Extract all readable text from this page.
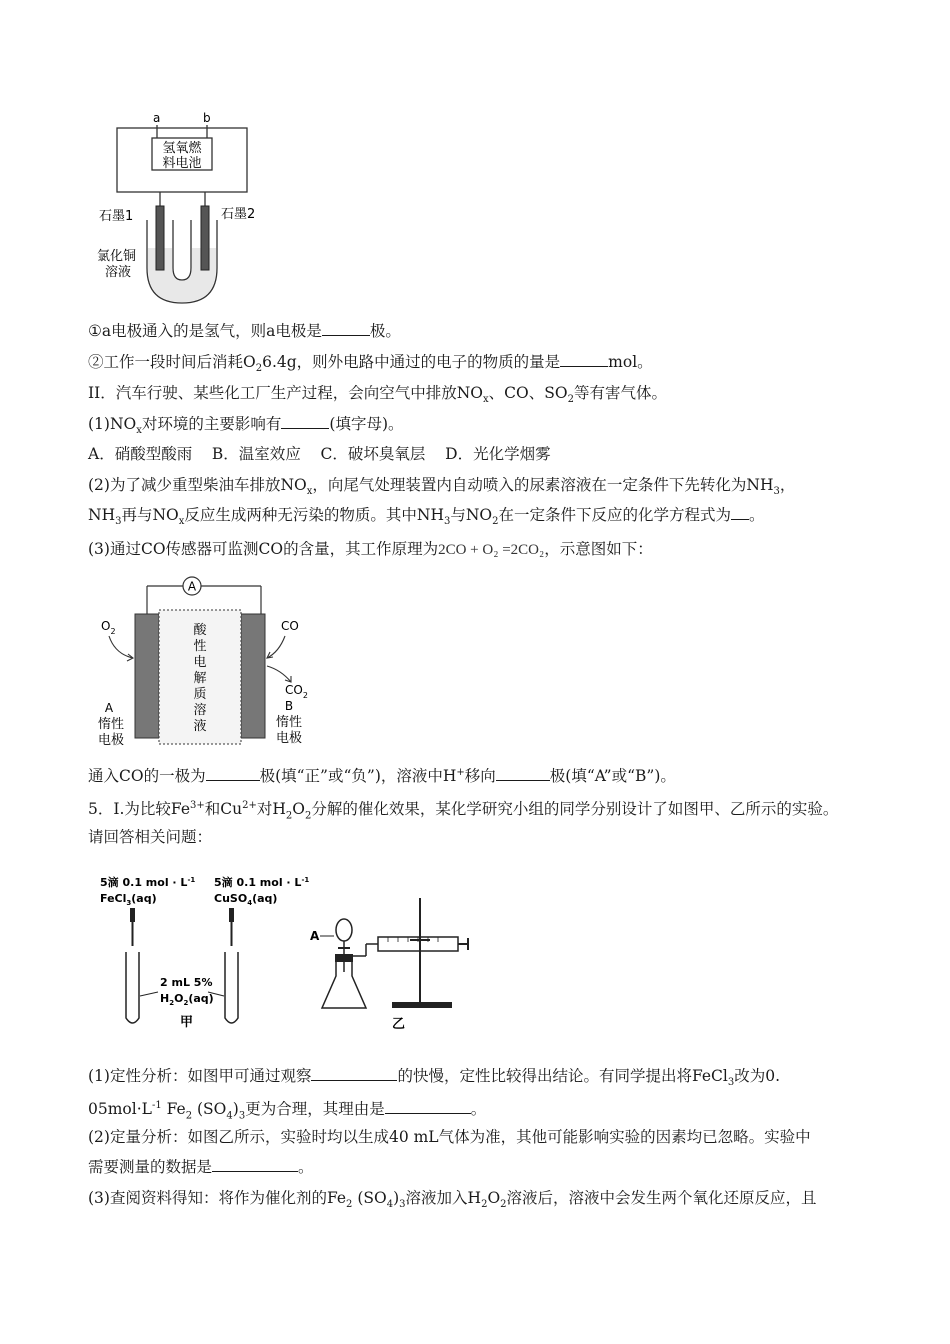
a	b
氢氧燃
料电池
石墨1	石墨2
氯化铜
溶液
①a电极通入的是氢气，则a电极是	极。
②工作一段时间后消耗$O_26.4g$，则外电路中通过的电子的物质的量是	mol。
II．汽车行驶、某些化工厂生产过程，会向空气中排放$NO_x$、CO、$SO_2$等有害气体。
$(1)NO_x$对环境的主要影响有	(填字母)。
A．硝酸型酸雨 B．温室效应 C．破坏臭氧层 D．光化学烟雾
(2)为了减少重型柴油车排放$NO_x$，向尾气处理装置内自动喷入的尿素溶液在一定条件下先转化为$NH_3$，
$NH_3$再与$NO_x$反应生成两种无污染的物质。其中$NH_3$与$NO_2$在一定条件下反应的化学方程式为 。
(3)通过CO传感器可监测CO的含量，其工作原理为2CO + O₂ =2CO₂，示意图如下：
A
酸
性
电
解
质
溶
液
$O_2$	CO
$CO_2$
A
惰性
电极
B
惰性
电极
通入CO的一极为	极(填“正”或“负”)，溶液中H+移向	极(填“A”或“B”)。
5．I.为比较$Fe^{3+}$和$Cu^{2+}$对$H_2O_2$分解的催化效果，某化学研究小组的同学分别设计了如图甲、乙所示的实验。
请回答相关问题：
5滴 0.1 mol · $L^{-1}$
FeCl$_3$(aq)
5滴 0.1 mol · $L^{-1}$
CuSO$_4$(aq)
2 mL 5%
$H_2O_2(aq)$
甲
A
乙
(1)定性分析：如图甲可通过观察	的快慢，定性比较得出结论。有同学提出将FeCl$_3$改为0.
$05mol\cdot L^{-1}$ $Fe_2$ $(SO_4)_3$更为合理，其理由是	。
(2)定量分析：如图乙所示，实验时均以生成40 mL气体为准，其他可能影响实验的因素均已忽略。实验中
需要测量的数据是	。
(3)查阅资料得知：将作为催化剂的$Fe_2$ $(SO_4)_3$溶液加入$H_2O_2$溶液后，溶液中会发生两个氧化还原反应，且
